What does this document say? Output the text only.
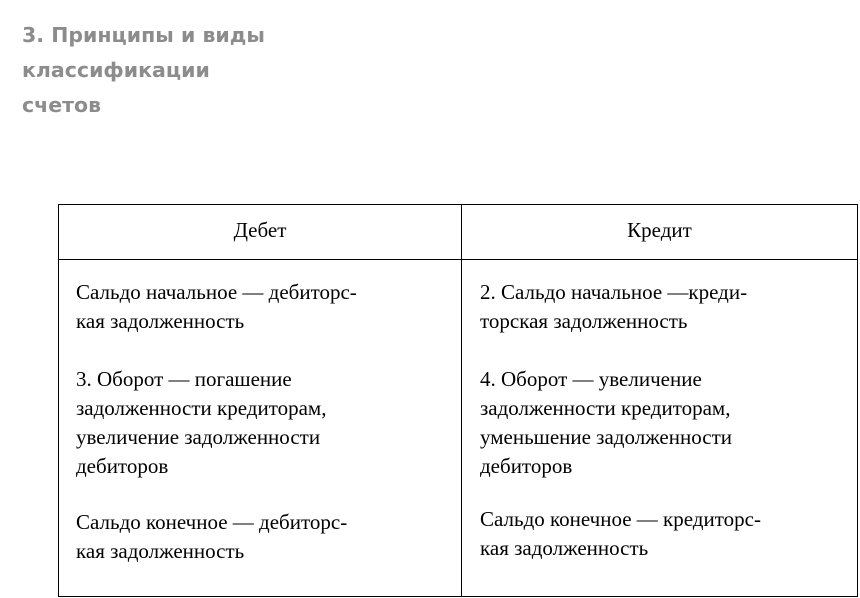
3. Принципы и виды
классификации
счетов
Дебет	Кредит

Сальдо начальное — дебиторс-
кая задолженность

3. Оборот — погашение
задолженности кредиторам,
увеличение задолженности
дебиторов

Сальдо конечное — дебиторс-
кая задолженность

2. Сальдо начальное —креди-
торская задолженность

4. Оборот — увеличение
задолженности кредиторам,
уменьшение задолженности
дебиторов

Сальдо конечное — кредиторс-
кая задолженность
